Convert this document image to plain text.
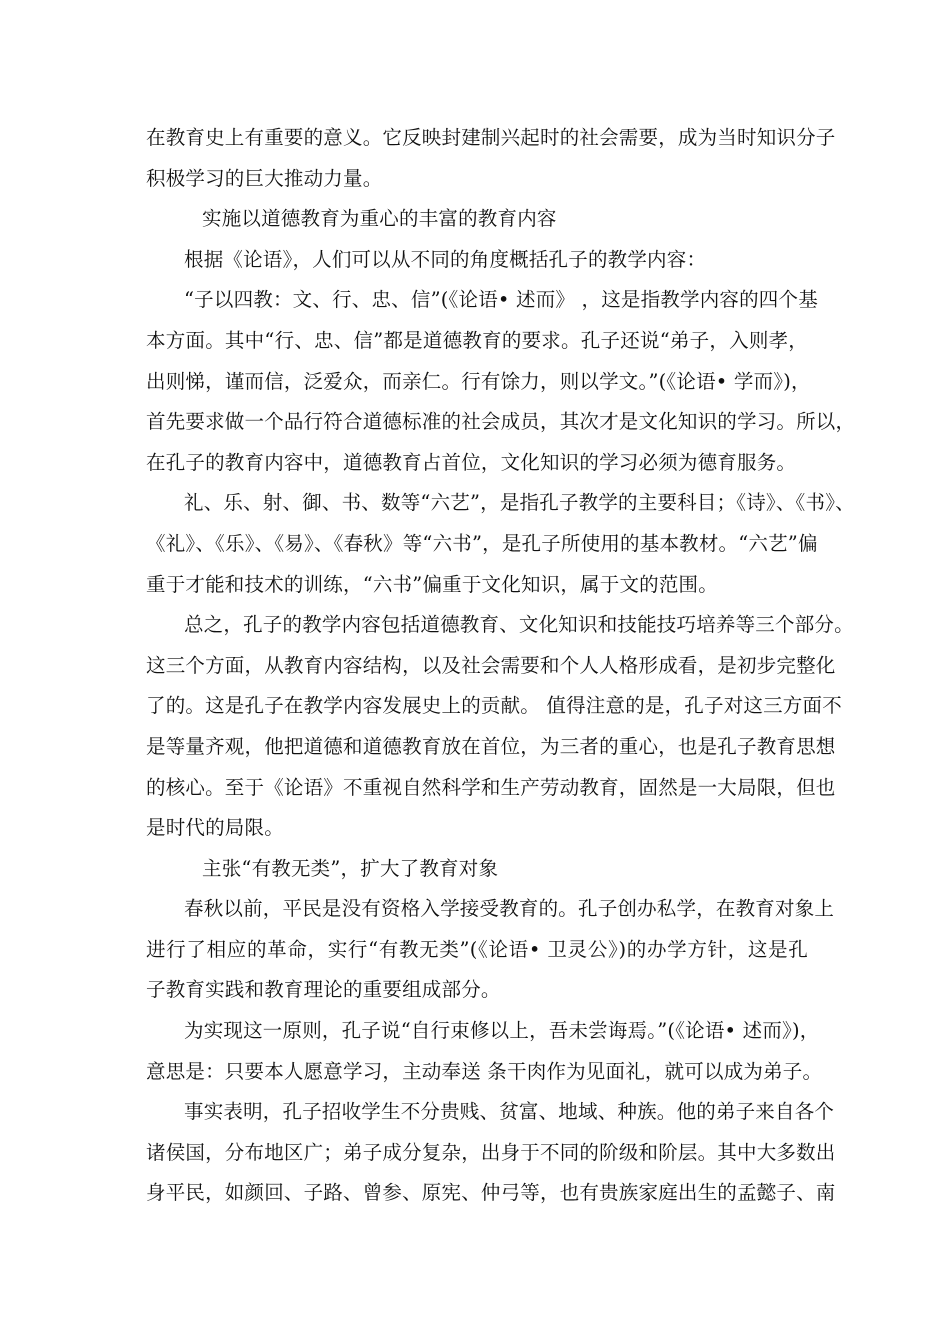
在教育史上有重要的意义。它反映封建制兴起时的社会需要，成为当时知识分子
积极学习的巨大推动力量。
实施以道德教育为重心的丰富的教育内容
根据《论语》，人们可以从不同的角度概括孔子的教学内容：
“子以四教：文、行、忠、信”(《论语• 述而》 ，这是指教学内容的四个基
本方面。其中“行、忠、信”都是道德教育的要求。孔子还说“弟子，入则孝，
出则悌，谨而信，泛爱众，而亲仁。行有馀力，则以学文。”(《论语• 学而》)，
首先要求做一个品行符合道德标准的社会成员，其次才是文化知识的学习。所以，
在孔子的教育内容中，道德教育占首位，文化知识的学习必须为德育服务。
礼、乐、射、御、书、数等“六艺”，是指孔子教学的主要科目；《诗》、《书》、
《礼》、《乐》、《易》、《春秋》等“六书”，是孔子所使用的基本教材。“六艺”偏
重于才能和技术的训练，“六书”偏重于文化知识，属于文的范围。
总之，孔子的教学内容包括道德教育、文化知识和技能技巧培养等三个部分。
这三个方面，从教育内容结构，以及社会需要和个人人格形成看，是初步完整化
了的。这是孔子在教学内容发展史上的贡献。 值得注意的是，孔子对这三方面不
是等量齐观，他把道德和道德教育放在首位，为三者的重心，也是孔子教育思想
的核心。至于《论语》不重视自然科学和生产劳动教育，固然是一大局限，但也
是时代的局限。
主张“有教无类”，扩大了教育对象
春秋以前，平民是没有资格入学接受教育的。孔子创办私学，在教育对象上
进行了相应的革命，实行“有教无类”(《论语• 卫灵公》)的办学方针，这是孔
子教育实践和教育理论的重要组成部分。
为实现这一原则，孔子说“自行束修以上，吾未尝诲焉。”(《论语• 述而》)，
意思是：只要本人愿意学习，主动奉送 条干肉作为见面礼，就可以成为弟子。
事实表明，孔子招收学生不分贵贱、贫富、地域、种族。他的弟子来自各个
诸侯国，分布地区广；弟子成分复杂，出身于不同的阶级和阶层。其中大多数出
身平民，如颜回、子路、曾参、原宪、仲弓等，也有贵族家庭出生的孟懿子、南
